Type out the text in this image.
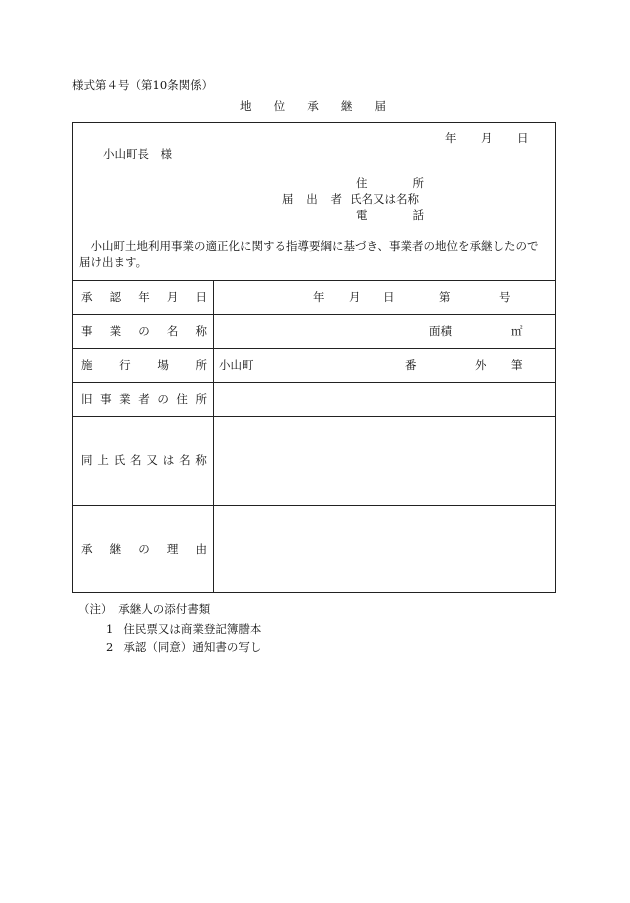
様式第４号（第10条関係）
地 位 承 継 届
年 月 日
小山町長　様
住	所
届 出 者 氏名又は名称
電	話
小山町土地利用事業の適正化に関する指導要綱に基づき、事業者の地位を承継したので届け出ます。
承 認 年 月 日	年 月 日	第	号
事 業 の 名 称	面積	㎡
施 行 場 所 小山町	番	外 筆
旧 事 業 者 の 住 所
同 上 氏 名 又 は 名 称
承 継 の 理 由
（注）　承継人の添付書類
1 住民票又は商業登記簿謄本
2 承認（同意）通知書の写し
